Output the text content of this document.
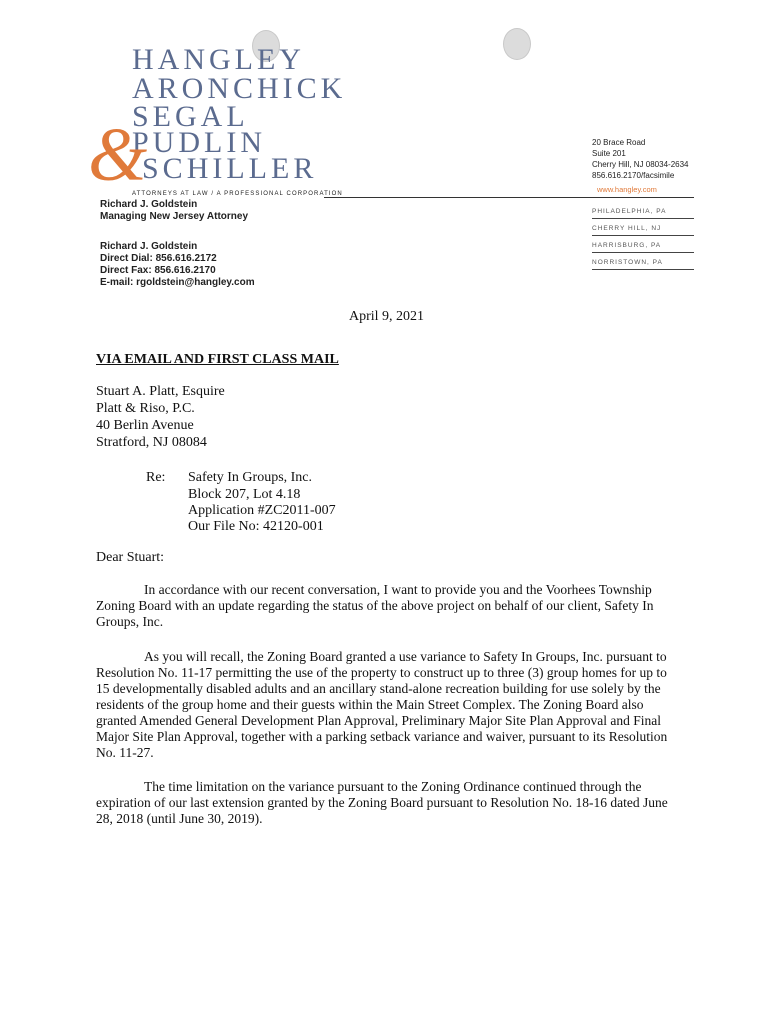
HANGLEY
ARONCHICK
SEGAL
PUDLIN
SCHILLER
&
ATTORNEYS AT LAW / A PROFESSIONAL CORPORATION
20 Brace Road
Suite 201
Cherry Hill, NJ 08034-2634
856.616.2170/facsimile
www.hangley.com
PHILADELPHIA, PA
CHERRY HILL, NJ
HARRISBURG, PA
NORRISTOWN, PA
Richard J. Goldstein
Managing New Jersey Attorney
Richard J. Goldstein
Direct Dial: 856.616.2172
Direct Fax: 856.616.2170
E-mail: rgoldstein@hangley.com
April 9, 2021
VIA EMAIL AND FIRST CLASS MAIL
Stuart A. Platt, Esquire
Platt & Riso, P.C.
40 Berlin Avenue
Stratford, NJ 08084
Re: Safety In Groups, Inc.
Block 207, Lot 4.18
Application #ZC2011-007
Our File No: 42120-001
Dear Stuart:
In accordance with our recent conversation, I want to provide you and the Voorhees Township Zoning Board with an update regarding the status of the above project on behalf of our client, Safety In Groups, Inc.
As you will recall, the Zoning Board granted a use variance to Safety In Groups, Inc. pursuant to Resolution No. 11-17 permitting the use of the property to construct up to three (3) group homes for up to 15 developmentally disabled adults and an ancillary stand-alone recreation building for use solely by the residents of the group home and their guests within the Main Street Complex. The Zoning Board also granted Amended General Development Plan Approval, Preliminary Major Site Plan Approval and Final Major Site Plan Approval, together with a parking setback variance and waiver, pursuant to its Resolution No. 11-27.
The time limitation on the variance pursuant to the Zoning Ordinance continued through the expiration of our last extension granted by the Zoning Board pursuant to Resolution No. 18-16 dated June 28, 2018 (until June 30, 2019).
